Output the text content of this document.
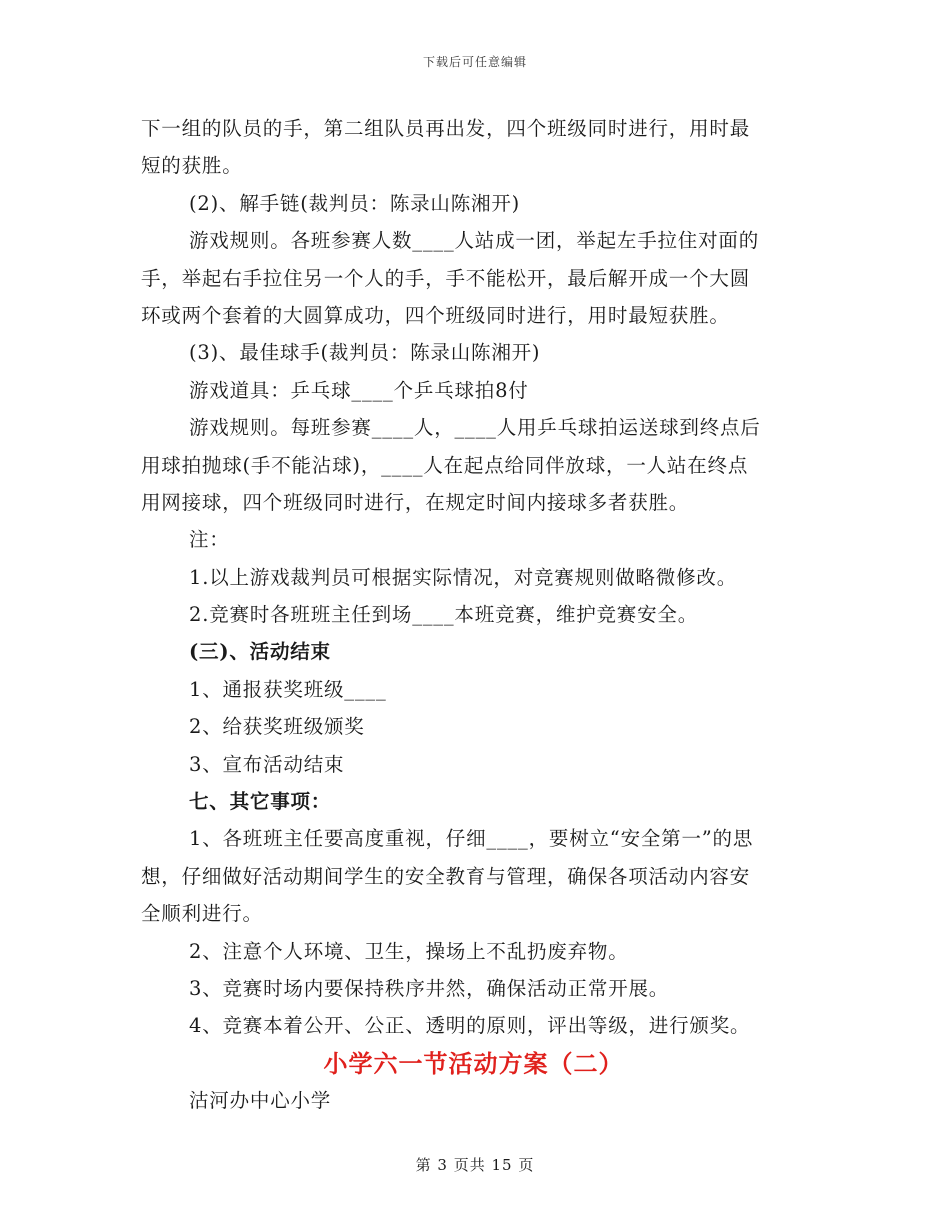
下载后可任意编辑
下一组的队员的手，第二组队员再出发，四个班级同时进行，用时最
短的获胜。
(2)、解手链(裁判员：陈录山陈湘开)
游戏规则。各班参赛人数____人站成一团，举起左手拉住对面的
手，举起右手拉住另一个人的手，手不能松开，最后解开成一个大圆
环或两个套着的大圆算成功，四个班级同时进行，用时最短获胜。
(3)、最佳球手(裁判员：陈录山陈湘开)
游戏道具：乒乓球____个乒乓球拍8付
游戏规则。每班参赛____人，____人用乒乓球拍运送球到终点后
用球拍抛球(手不能沾球)，____人在起点给同伴放球，一人站在终点
用网接球，四个班级同时进行，在规定时间内接球多者获胜。
注：
1.以上游戏裁判员可根据实际情况，对竞赛规则做略微修改。
2.竞赛时各班班主任到场____本班竞赛，维护竞赛安全。
(三)、活动结束
1、通报获奖班级____
2、给获奖班级颁奖
3、宣布活动结束
七、其它事项：
1、各班班主任要高度重视，仔细____，要树立“安全第一”的思
想，仔细做好活动期间学生的安全教育与管理，确保各项活动内容安
全顺利进行。
2、注意个人环境、卫生，操场上不乱扔废弃物。
3、竞赛时场内要保持秩序井然，确保活动正常开展。
4、竞赛本着公开、公正、透明的原则，评出等级，进行颁奖。
小学六一节活动方案（二）
沽河办中心小学
第 3 页共 15 页
